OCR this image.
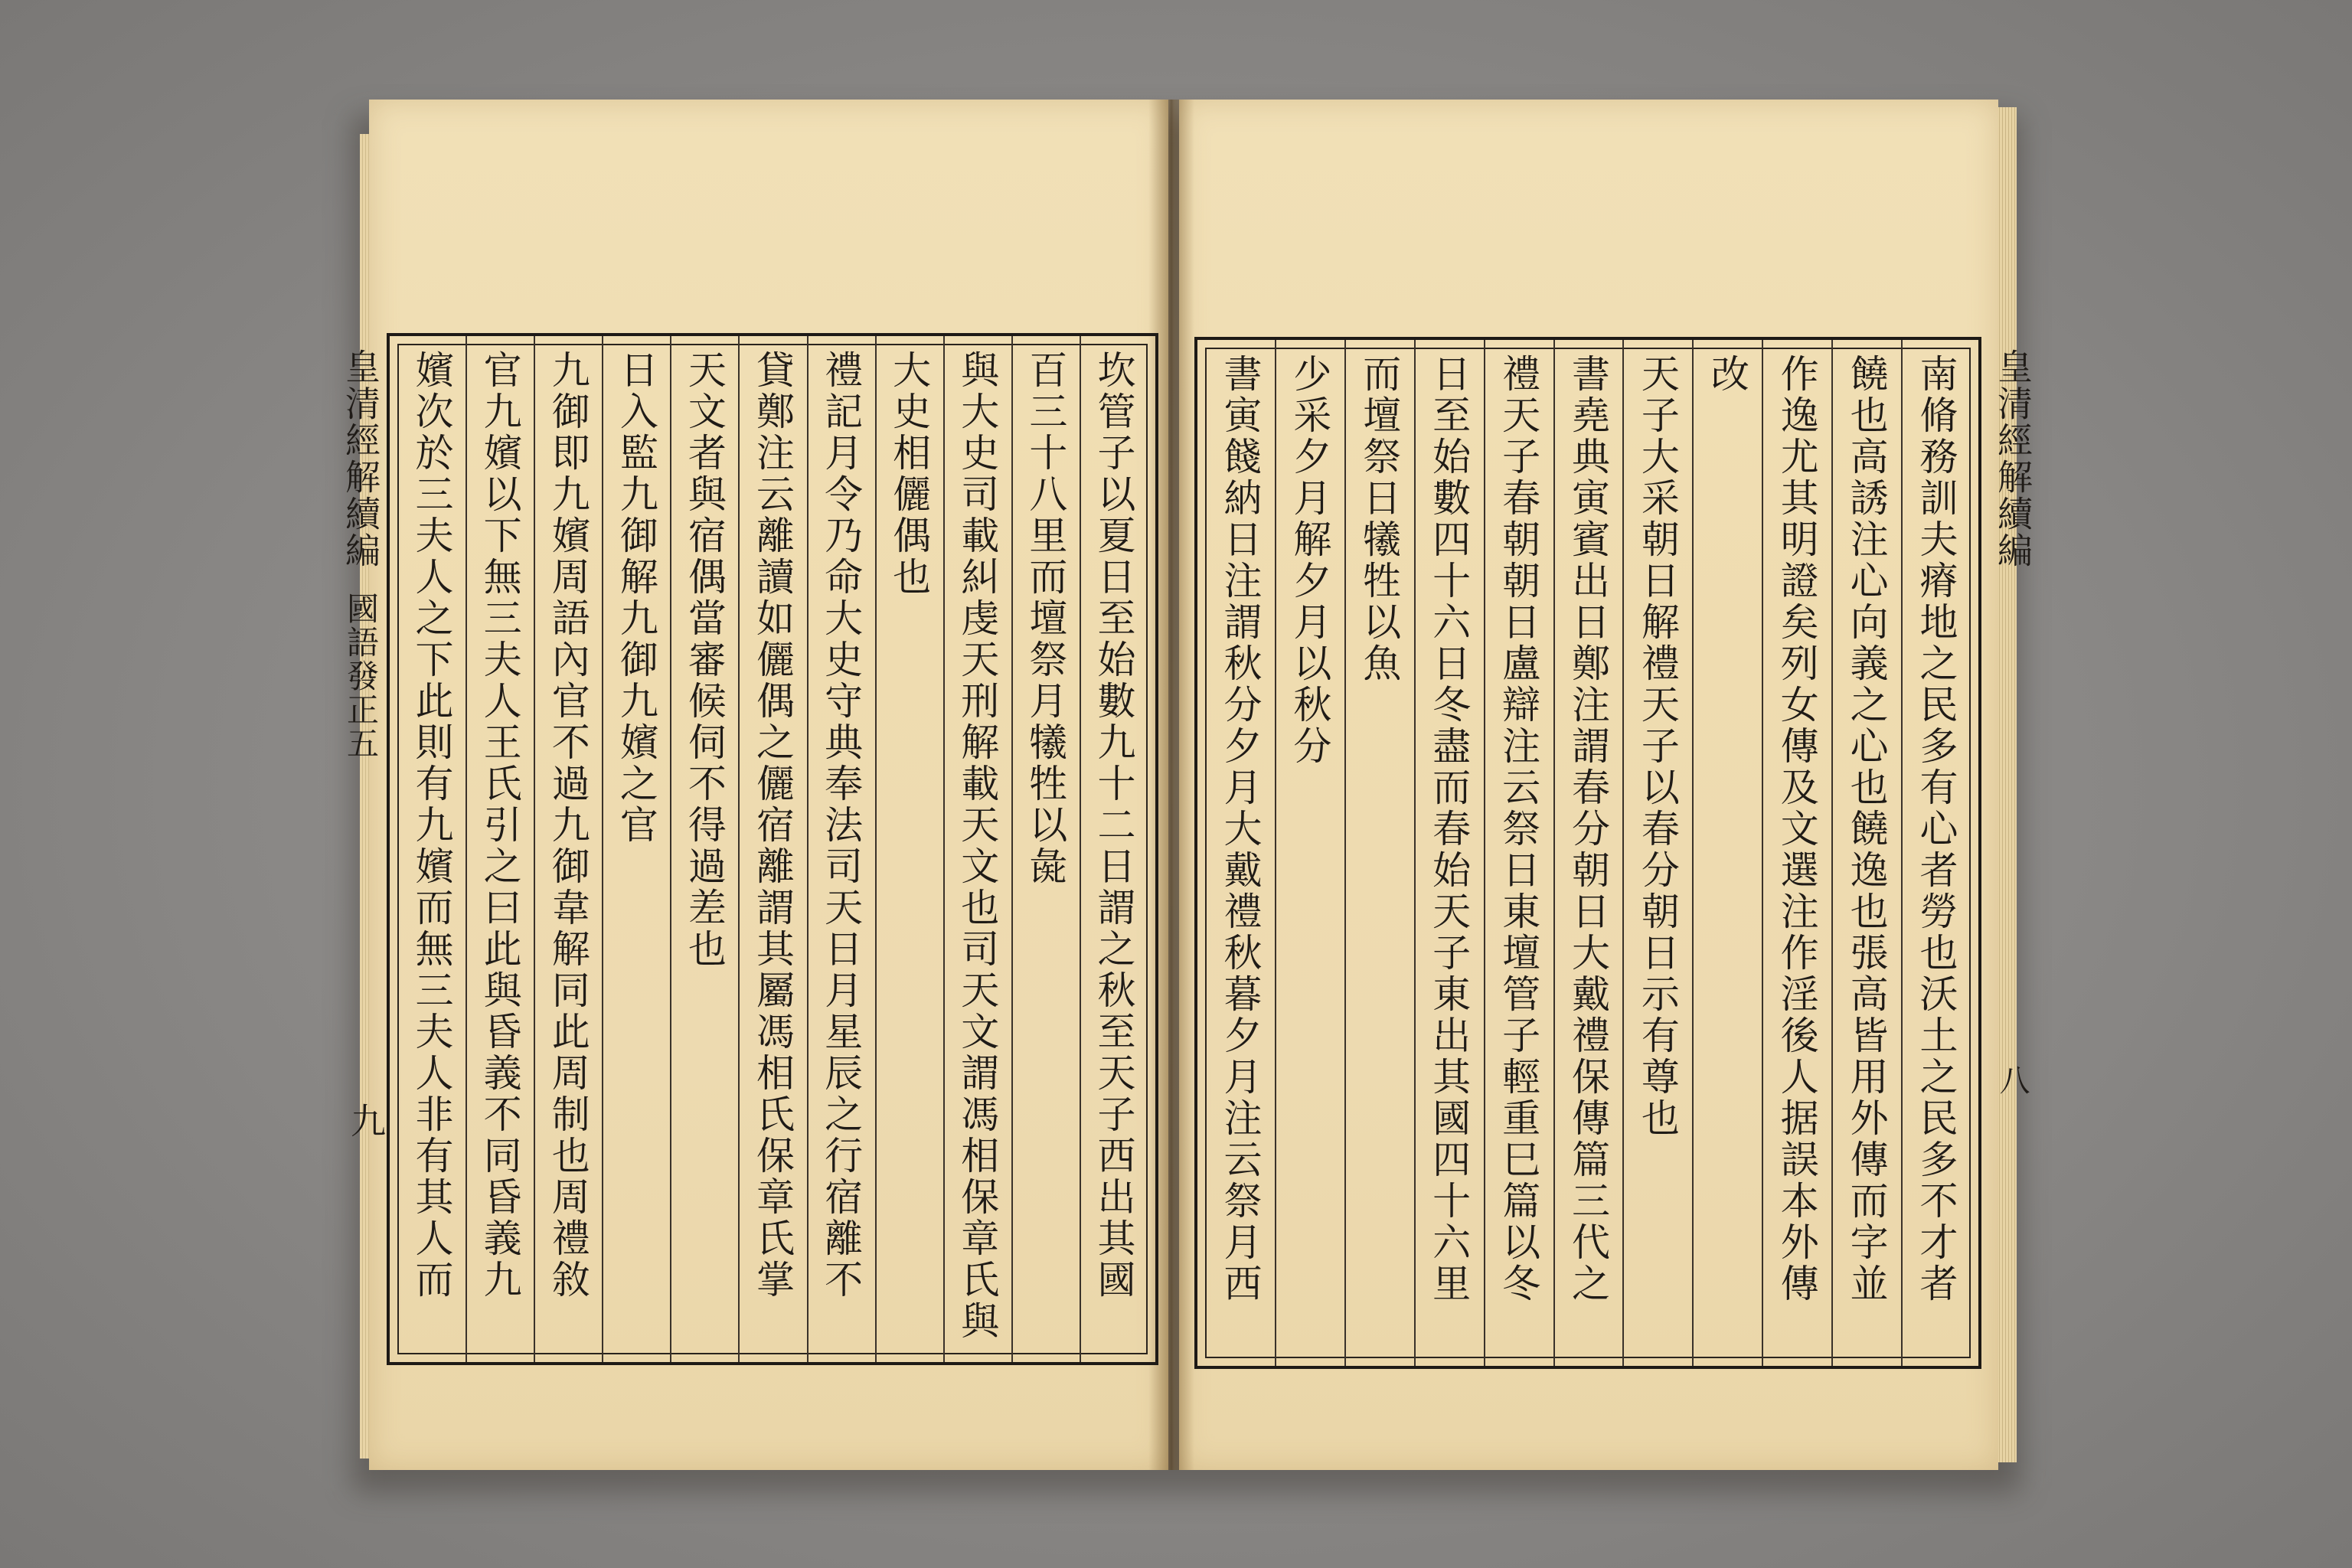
皇清經解續編國語發正五
九	坎管子以夏日至始數九十二日謂之秋至天子西出其國
百三十八里而壇祭月犧牲以彘
與大史司載糾虔天刑解載天文也司天文謂馮相保章氏與
大史相儷偶也
禮記月令乃命大史守典奉法司天日月星辰之行宿離不
貸鄭注云離讀如儷偶之儷宿離謂其屬馮相氏保章氏掌
天文者與宿偶當審候伺不得過差也
日入監九御解九御九嬪之官
九御即九嬪周語內官不過九御韋解同此周制也周禮敘
官九嬪以下無三夫人王氏引之曰此與昏義不同昏義九
嬪次於三夫人之下此則有九嬪而無三夫人非有其人而	南脩務訓夫瘠地之民多有心者勞也沃土之民多不才者
饒也高誘注心向義之心也饒逸也張高皆用外傳而字並
作逸尤其明證矣列女傳及文選注作淫後人据誤本外傳
改
天子大采朝日解禮天子以春分朝日示有尊也
書堯典寅賓出日鄭注謂春分朝日大戴禮保傳篇三代之
禮天子春朝朝日盧辯注云祭日東壇管子輕重巳篇以冬
日至始數四十六日冬盡而春始天子東出其國四十六里
而壇祭日犧牲以魚
少采夕月解夕月以秋分
書寅餞納日注謂秋分夕月大戴禮秋暮夕月注云祭月西	皇清經解續編
八
